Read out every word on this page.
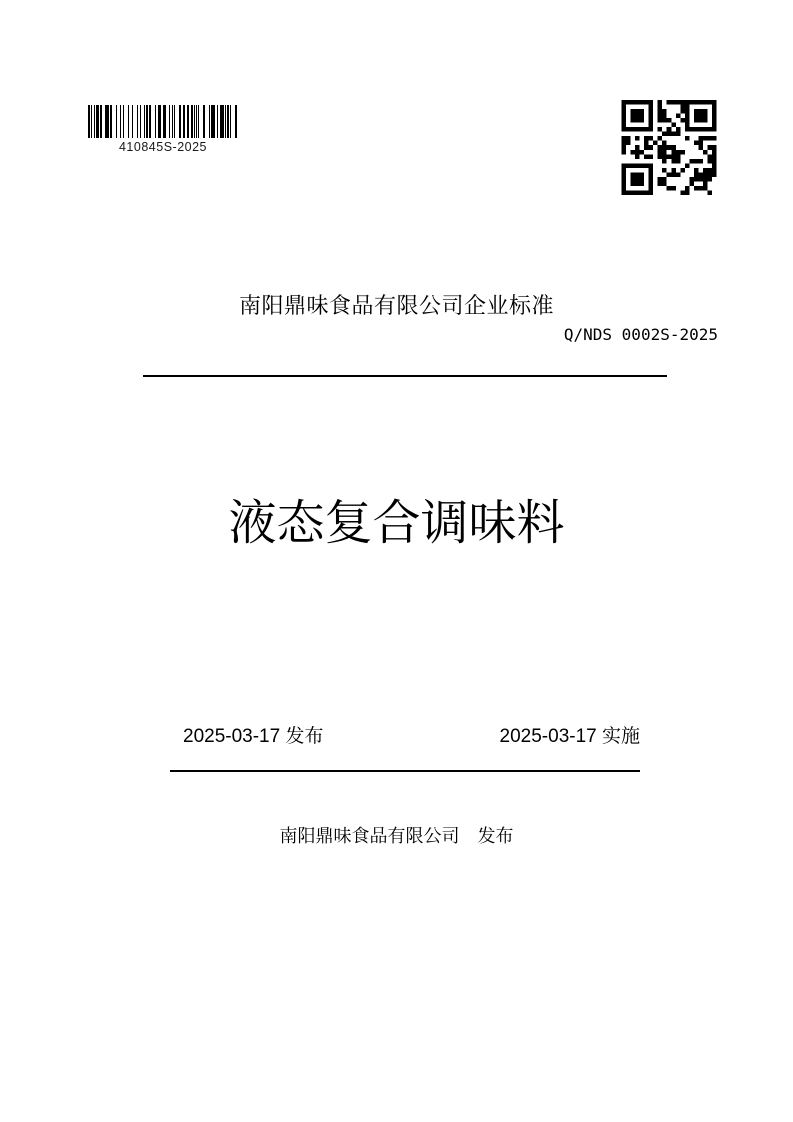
410845S-2025
南阳鼎味食品有限公司企业标准
Q/NDS 0002S-2025
液态复合调味料
2025-03-17 发布	2025-03-17 实施
南阳鼎味食品有限公司　发布
